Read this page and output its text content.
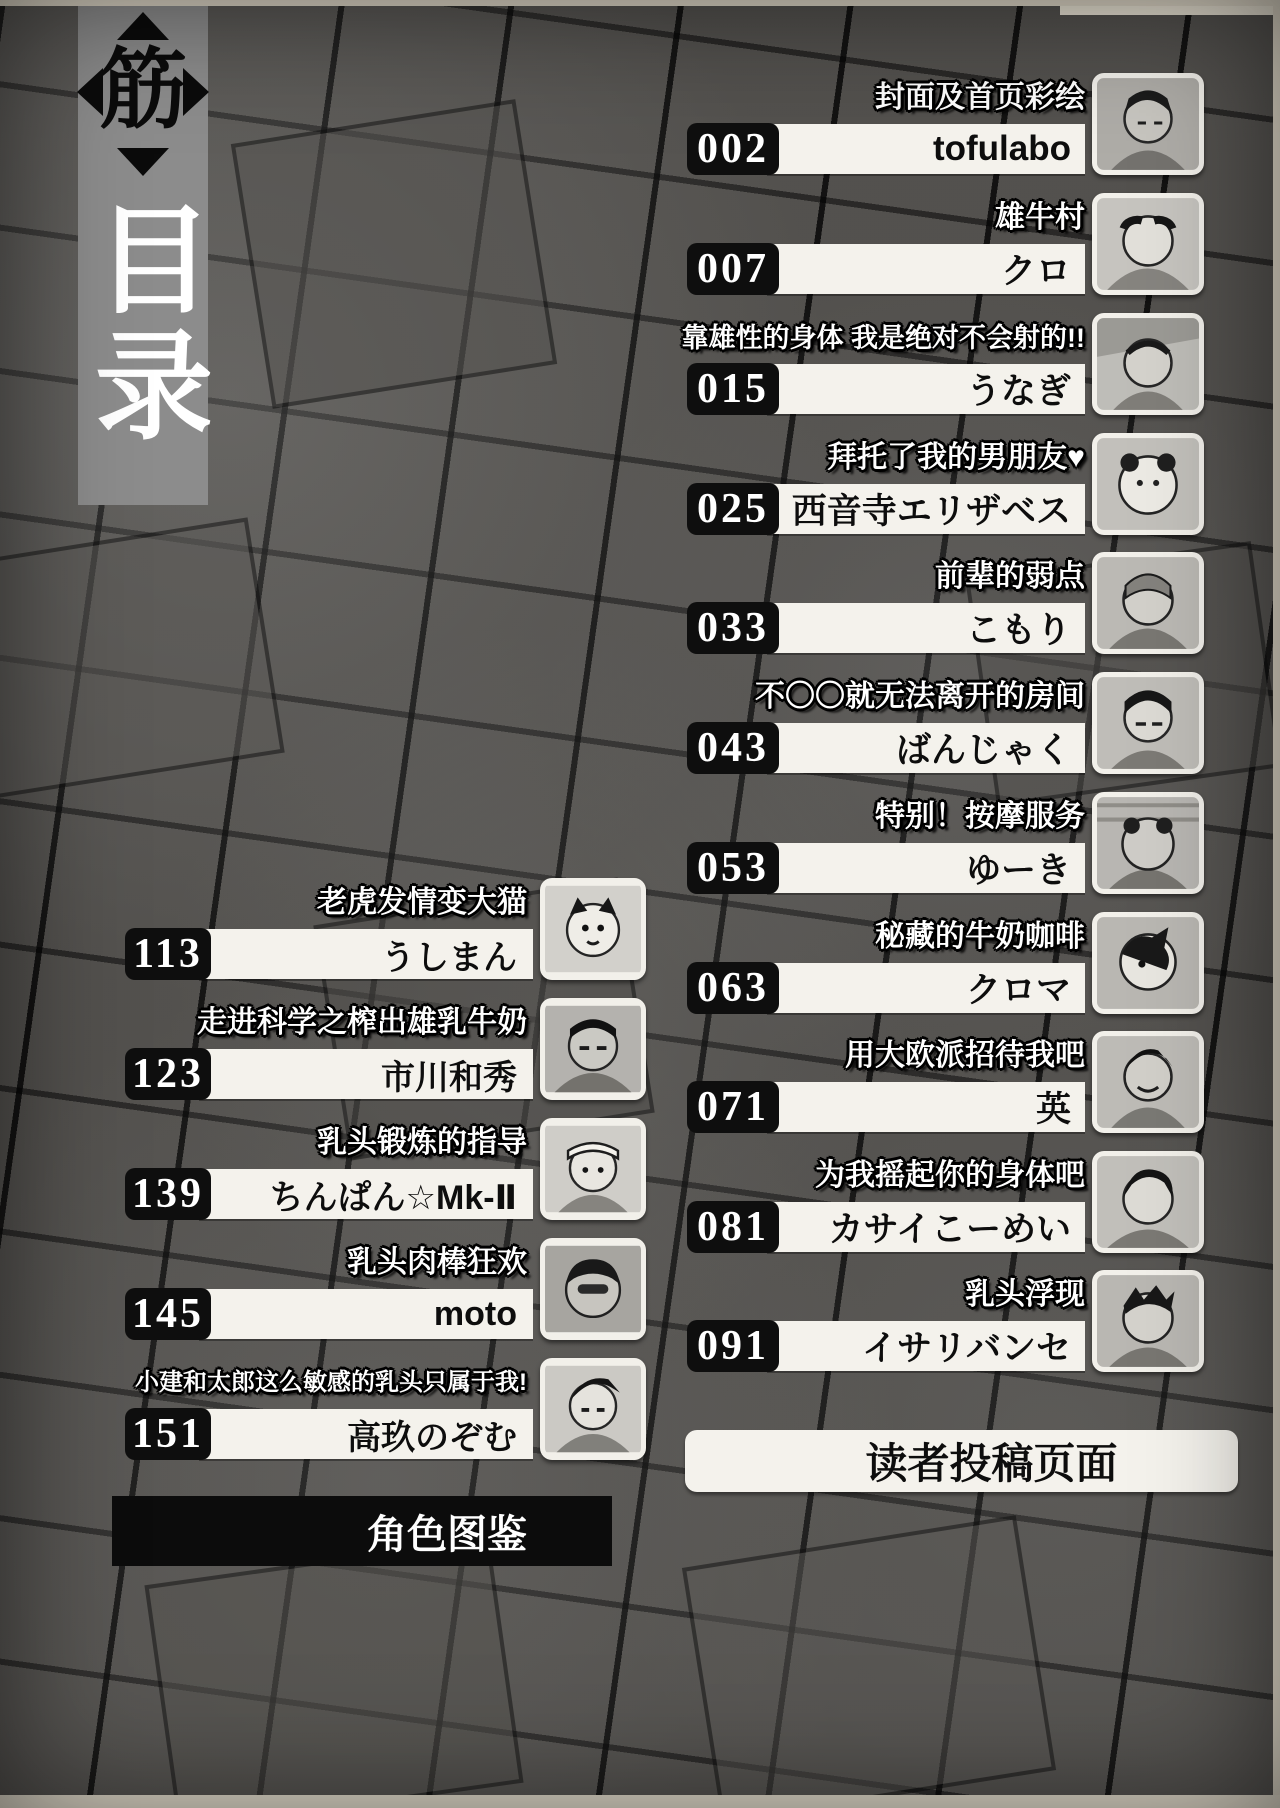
筋
目录
封面及首页彩绘
002	tofulabo
雄牛村
007	クロ
靠雄性的身体 我是绝对不会射的!!
015	うなぎ
拜托了我的男朋友♥
025 西音寺エリザベス
前辈的弱点
033	こもり
不〇〇就无法离开的房间
043	ばんじゃく
特别！按摩服务
053	ゆーき
秘藏的牛奶咖啡
063	クロマ
用大欧派招待我吧
071	英
为我摇起你的身体吧
081	カサイこーめい
乳头浮现
091	イサリバンセ
老虎发情变大猫
113	うしまん
走进科学之榨出雄乳牛奶
123	市川和秀
乳头锻炼的指导
139	ちんぱん☆Mk-Ⅱ
乳头肉棒狂欢
145	moto
小建和太郎这么敏感的乳头只属于我!
151	高玖のぞむ
读者投稿页面
角色图鉴
